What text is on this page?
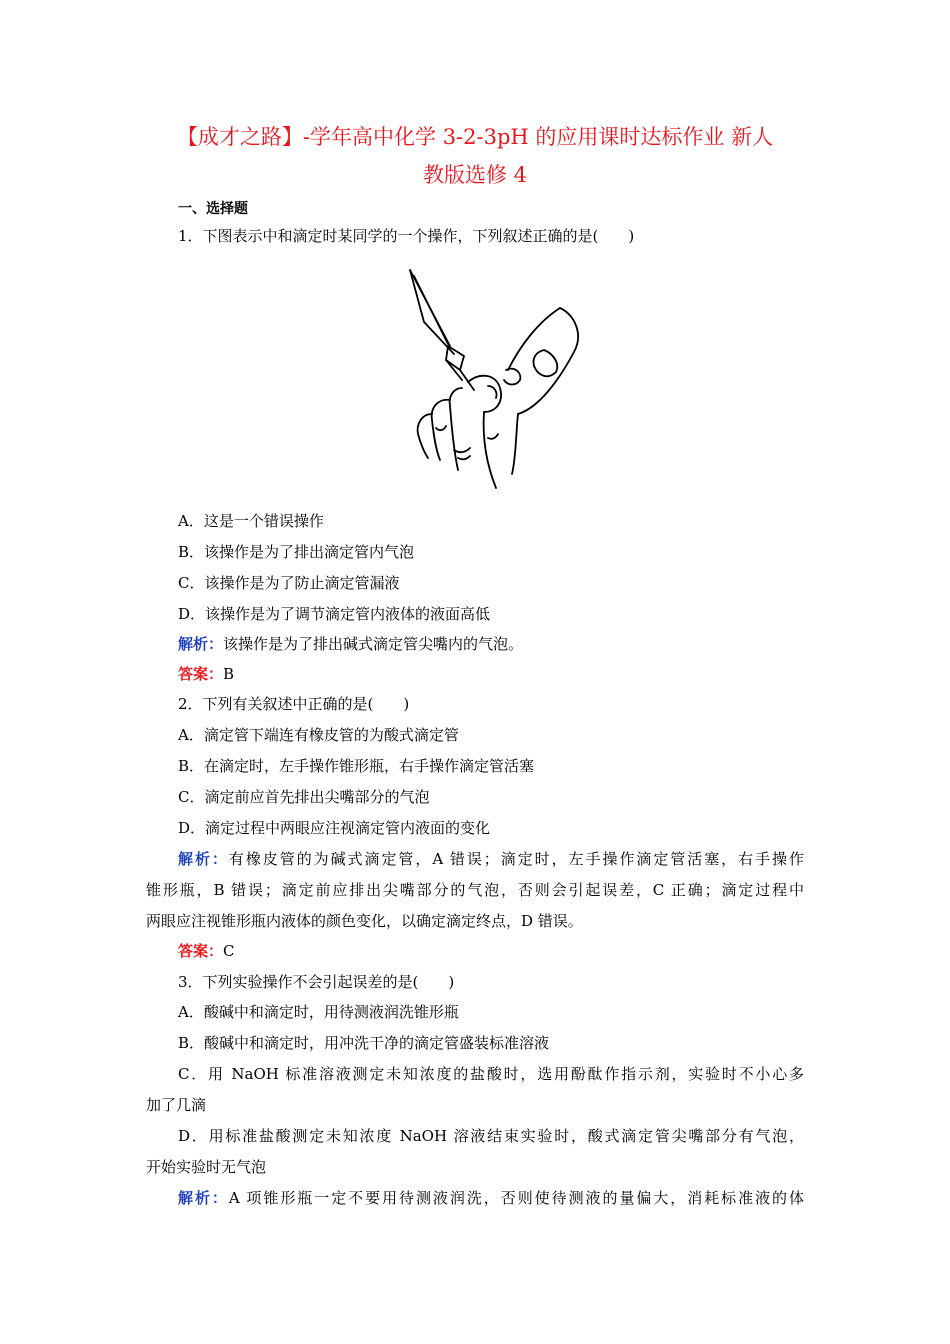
【成才之路】-学年高中化学 3-2-3pH 的应用课时达标作业 新人
教版选修 4
一、选择题
1．下图表示中和滴定时某同学的一个操作，下列叙述正确的是(　　)
A．这是一个错误操作
B．该操作是为了排出滴定管内气泡
C．该操作是为了防止滴定管漏液
D．该操作是为了调节滴定管内液体的液面高低
解析：该操作是为了排出碱式滴定管尖嘴内的气泡。
答案：B
2．下列有关叙述中正确的是(　　)
A．滴定管下端连有橡皮管的为酸式滴定管
B．在滴定时，左手操作锥形瓶，右手操作滴定管活塞
C．滴定前应首先排出尖嘴部分的气泡
D．滴定过程中两眼应注视滴定管内液面的变化
解析：有橡皮管的为碱式滴定管，A 错误；滴定时，左手操作滴定管活塞，右手操作
锥形瓶，B 错误；滴定前应排出尖嘴部分的气泡，否则会引起误差，C 正确；滴定过程中
两眼应注视锥形瓶内液体的颜色变化，以确定滴定终点，D 错误。
答案：C
3．下列实验操作不会引起误差的是(　　)
A．酸碱中和滴定时，用待测液润洗锥形瓶
B．酸碱中和滴定时，用冲洗干净的滴定管盛装标准溶液
C．用 NaOH 标准溶液测定未知浓度的盐酸时，选用酚酞作指示剂，实验时不小心多
加了几滴
D．用标准盐酸测定未知浓度 NaOH 溶液结束实验时，酸式滴定管尖嘴部分有气泡，
开始实验时无气泡
解析：A 项锥形瓶一定不要用待测液润洗，否则使待测液的量偏大，消耗标准液的体
